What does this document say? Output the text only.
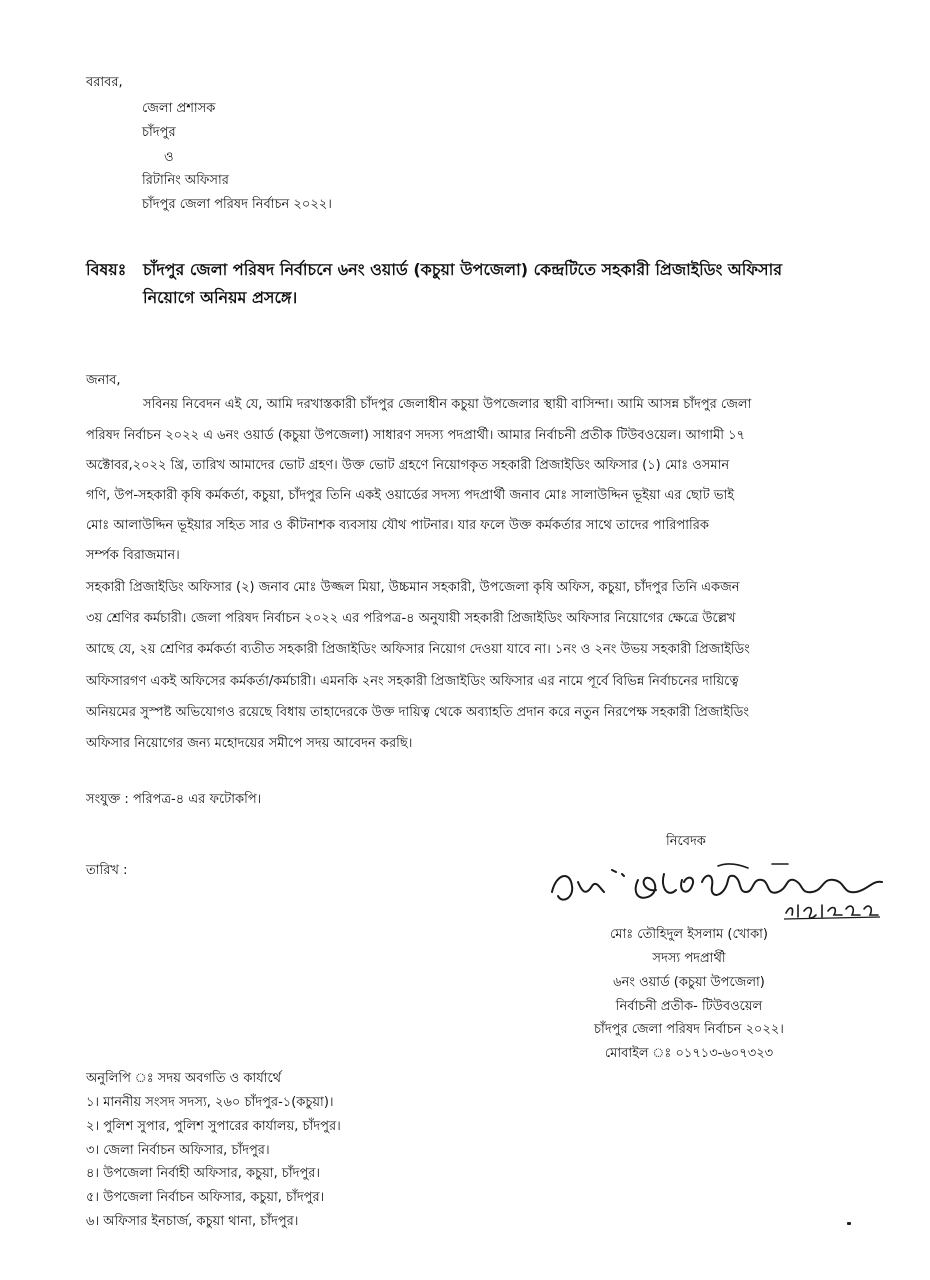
বরাবর,
জেলা প্রশাসক
চাঁদপুর
ও
রিটানিং অফিসার
চাঁদপুর জেলা পরিষদ নির্বাচন ২০২২।
বিষয়ঃ চাঁদপুর জেলা পরিষদ নির্বাচনে ৬নং ওয়ার্ড (কচুয়া উপজেলা) কেন্দ্রটিতে সহকারী প্রিজাইডিং অফিসার
নিয়োগে অনিয়ম প্রসঙ্গে।
জনাব,
সবিনয় নিবেদন এই যে, আমি দরখাস্তকারী চাঁদপুর জেলাধীন কচুয়া উপজেলার স্থায়ী বাসিন্দা। আমি আসন্ন চাঁদপুর জেলা
পরিষদ নির্বাচন ২০২২ এ ৬নং ওয়ার্ড (কচুয়া উপজেলা) সাধারণ সদস্য পদপ্রার্থী। আমার নির্বাচনী প্রতীক টিউবওয়েল। আগামী ১৭
অক্টোবর,২০২২ খ্রি, তারিখ আমাদের ভোট গ্রহণ। উক্ত ভোট গ্রহণে নিয়োগকৃত সহকারী প্রিজাইডিং অফিসার (১) মোঃ ওসমান
গণি, উপ-সহকারী কৃষি কর্মকর্তা, কচুয়া, চাঁদপুর তিনি একই ওয়ার্ডের সদস্য পদপ্রার্থী জনাব মোঃ সালাউদ্দিন ভূইয়া এর ছোট ভাই
মোঃ আলাউদ্দিন ভূইয়ার সহিত সার ও কীটনাশক ব্যবসায় যৌথ পাটনার। যার ফলে উক্ত কর্মকর্তার সাথে তাদের পারিপারিক
সর্ম্পক বিরাজমান।
সহকারী প্রিজাইডিং অফিসার (২) জনাব মোঃ উজ্জল মিয়া, উচ্চমান সহকারী, উপজেলা কৃষি অফিস, কচুয়া, চাঁদপুর তিনি একজন
৩য় শ্রেণির কর্মচারী। জেলা পরিষদ নির্বাচন ২০২২ এর পরিপত্র-৪ অনুযায়ী সহকারী প্রিজাইডিং অফিসার নিয়োগের ক্ষেত্রে উল্লেখ
আছে যে, ২য় শ্রেণির কর্মকর্তা ব্যতীত সহকারী প্রিজাইডিং অফিসার নিয়োগ দেওয়া যাবে না। ১নং ও ২নং উভয় সহকারী প্রিজাইডিং
অফিসারগণ একই অফিসের কর্মকর্তা/কর্মচারী। এমনকি ২নং সহকারী প্রিজাইডিং অফিসার এর নামে পূর্বে বিভিন্ন নির্বাচনের দায়িত্বে
অনিয়মের সুস্পষ্ট অভিযোগও রয়েছে বিধায় তাহাদেরকে উক্ত দায়িত্ব থেকে অব্যাহতি প্রদান করে নতুন নিরপেক্ষ সহকারী প্রিজাইডিং
অফিসার নিয়োগের জন্য মহোদয়ের সমীপে সদয় আবেদন করছি।
সংযুক্ত : পরিপত্র-৪ এর ফটোকপি।
তারিখ :
নিবেদক
মোঃ তৌহিদুল ইসলাম (খোকা)
সদস্য পদপ্রার্থী
৬নং ওয়ার্ড (কচুয়া উপজেলা)
নির্বাচনী প্রতীক- টিউবওয়েল
চাঁদপুর জেলা পরিষদ নির্বাচন ২০২২।
মোবাইল ঃ ০১৭১৩-৬০৭৩২৩
অনুলিপি ঃ সদয় অবগতি ও কার্যার্থে
১। মাননীয় সংসদ সদস্য, ২৬০ চাঁদপুর-১(কচুয়া)।
২। পুলিশ সুপার, পুলিশ সুপারের কার্যালয়, চাঁদপুর।
৩। জেলা নির্বাচন অফিসার, চাঁদপুর।
৪। উপজেলা নির্বাহী অফিসার, কচুয়া, চাঁদপুর।
৫। উপজেলা নির্বাচন অফিসার, কচুয়া, চাঁদপুর।
৬। অফিসার ইনচার্জ, কচুয়া থানা, চাঁদপুর।
